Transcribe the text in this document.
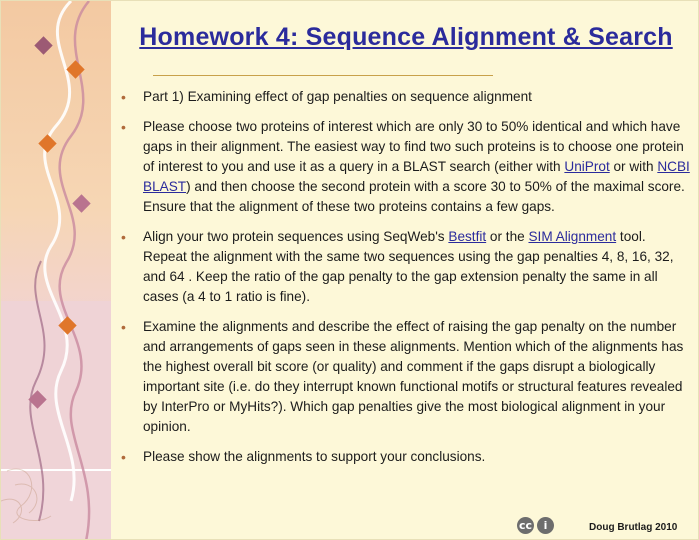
Homework 4: Sequence Alignment & Search
•	Part 1) Examining effect of gap penalties on sequence alignment
•	Please choose two proteins of interest which are only 30 to 50% identical and which have gaps in their alignment. The easiest way to find two such proteins is to choose one protein of interest to you and use it as a query in a BLAST search (either with UniProt or with NCBI BLAST) and then choose the second protein with a score 30 to 50% of the maximal score. Ensure that the alignment of these two proteins contains a few gaps.
•	Align your two protein sequences using SeqWeb's Bestfit or the SIM Alignment tool. Repeat the alignment with the same two sequences using the gap penalties 4, 8, 16, 32, and 64 . Keep the ratio of the gap penalty to the gap extension penalty the same in all cases (a 4 to 1 ratio is fine).
•	Examine the alignments and describe the effect of raising the gap penalty on the number and arrangements of gaps seen in these alignments. Mention which of the alignments has the highest overall bit score (or quality) and comment if the gaps disrupt a biologically important site (i.e. do they interrupt known functional motifs or structural features revealed by InterPro or MyHits?). Which gap penalties give the most biological alignment in your opinion.
•	Please show the alignments to support your conclusions.
cc	i	Doug Brutlag 2010
